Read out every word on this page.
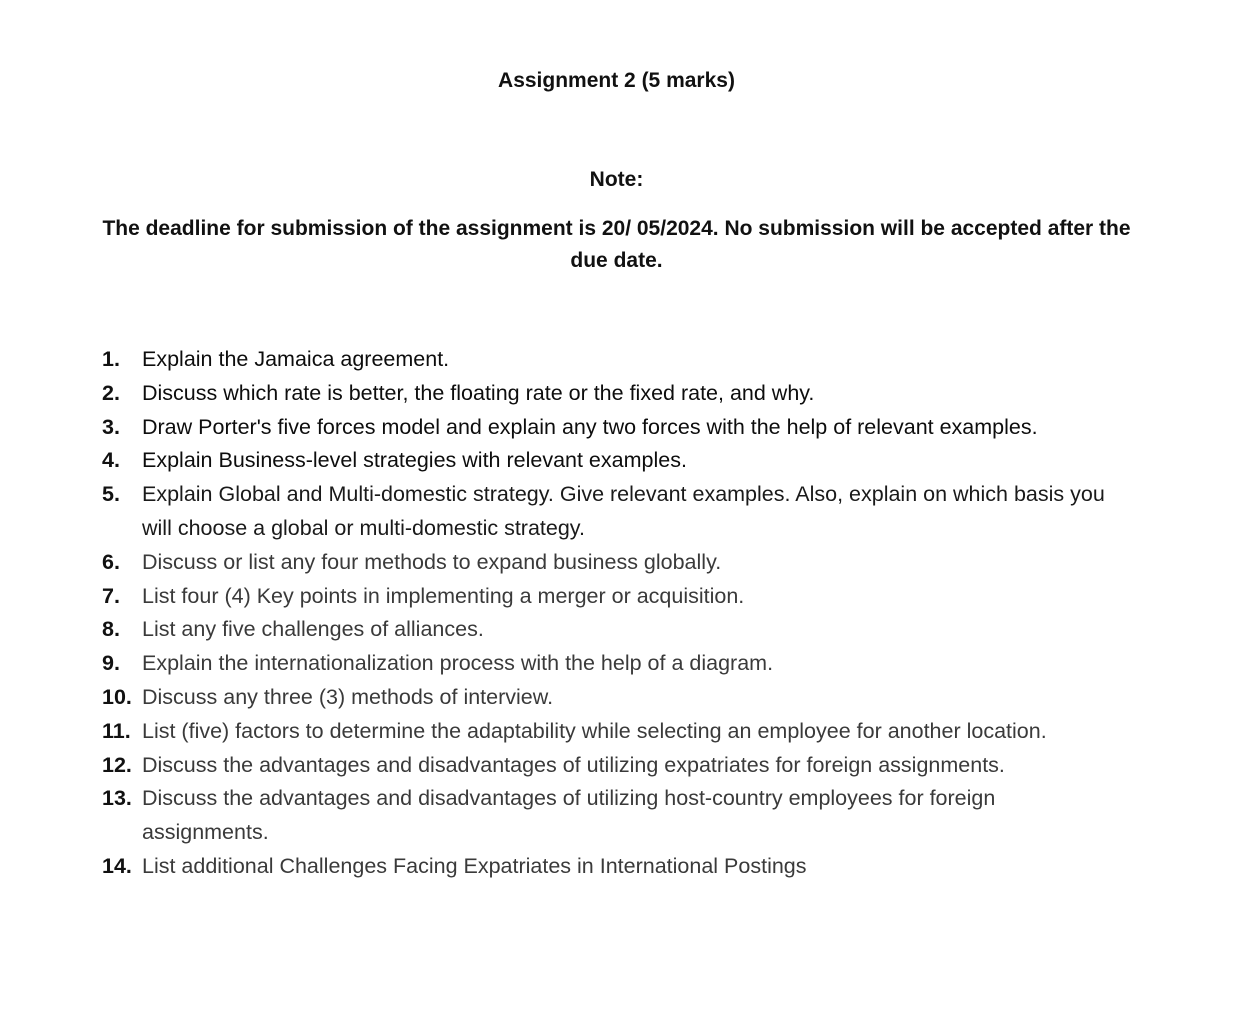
Assignment 2 (5 marks)
Note:
The deadline for submission of the assignment is 20/ 05/2024. No submission will be accepted after the due date.
1. Explain the Jamaica agreement.
2. Discuss which rate is better, the floating rate or the fixed rate, and why.
3. Draw Porter's five forces model and explain any two forces with the help of relevant examples.
4. Explain Business-level strategies with relevant examples.
5. Explain Global and Multi-domestic strategy. Give relevant examples. Also, explain on which basis you will choose a global or multi-domestic strategy.
6. Discuss or list any four methods to expand business globally.
7. List four (4) Key points in implementing a merger or acquisition.
8. List any five challenges of alliances.
9. Explain the internationalization process with the help of a diagram.
10. Discuss any three (3) methods of interview.
11. List (five) factors to determine the adaptability while selecting an employee for another location.
12. Discuss the advantages and disadvantages of utilizing expatriates for foreign assignments.
13. Discuss the advantages and disadvantages of utilizing host-country employees for foreign assignments.
14. List additional Challenges Facing Expatriates in International Postings
